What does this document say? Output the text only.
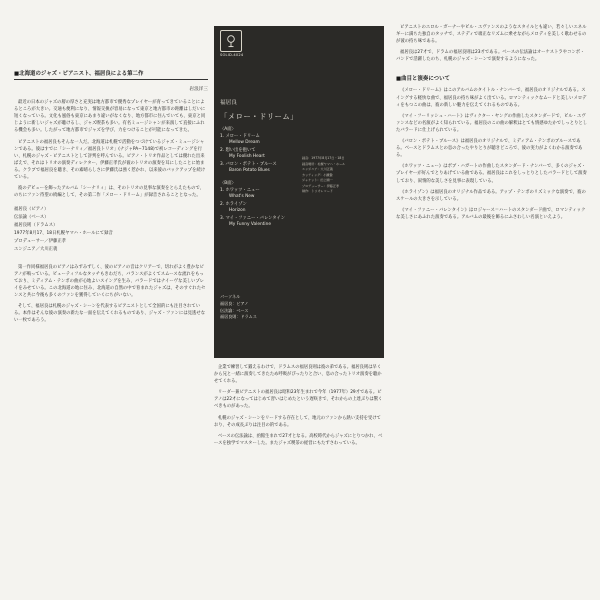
■北海道のジャズ・ピアニスト、福居良による第二作
岩浪洋三

最近の日本のジャズの層の厚さと充実は地方都市で優秀なプレイヤーが育ってきていることによるところが大きい。交通も便利になり、情報交換が容易になって東京と地方都市の距離はしだいに短くなっている。文化も風俗も東京にあまり違いがなくなり、地方都市に住んでいても、東京と同じように新しいジャズが聴けるし、ジャズ喫茶も多い。有名ミュージシャンが来演して直接にふれる機会も多い。したがって地方都市でジャズを学び、力をつけることが可能になってきた。

ピアニストの福居良もそんな一人だ。北海道は札幌で活動をつづけているジャズ・ミュージシャンである。彼はすでに「シーナリィ／福居良トリオ」(ナジャPA−7148)で初レコーディングを行い、札幌のジャズ・ピアニストとして評判を呼んでいる。ピアノ・トリオ作品としては優れた出来ばえで、それはトリオの演奏ディレクター、伊藤正孝氏が彼のトリオの演奏を耳にしたことに始まる。クラブで福居良を聴き、その素晴らしさに伊藤氏は強く惹かれ、以来彼のバックアップを続けている。

彼のデビューを飾ったアルバム「シーナリィ」は、そのトリオの見事な演奏をとらえたもので、のちにファン待望の続編として、その第二作「メロー・ドリーム」が録音されることとなった。

福居良（ピアノ）
伝法諭（ベース）
福居良則（ドラムス）
1977年8月17、18日札幌ヤマハ・ホールにて録音
プロデューサー／伊藤正孝
エンジニア／大川正義

第一作同様福居良のピアノはみずみずしく、彼のピアノの音はクリアーで、切れがよく豊かなピアノが鳴っている。ビューティフルなタッチもきわだち、バランスがよくてスムースな流れをもっており、ミディアム・テンポの曲が心地よいスイングを生み、バラードではナイーヴな美しいプレイをみせている。この北海道の地に住み、北海道の自然の中で育まれたジャズは、そのすぐれたセンスと共に今後も多くのファンを獲得していくにちがいない。

そして、福居良は札幌のジャズ・シーンを代表するピアニストとして全国的にも注目されている。本作はそんな彼の演奏の新たな一面を伝えてくれるものであり、ジャズ・ファンには見逃せない一枚であろう。

SOLID-4024
福居良
「メロー・ドリーム」
〈A面〉
1. メロー・ドリーム
Mellow Dream
2. 想い出を抱いて
My Foolish Heart
3. バロン・ポテト・ブルース
Baron Potato Blues
〈B面〉
1. ホワッツ・ニュー
What's New
2. ホライゾン
Horizon
3. マイ・ファニー・バレンタイン
My Funny Valentine
録音：1977年8月17日・18日
録音場所：札幌ヤマハ・ホール
エンジニア：大川正義
カッティング：小鐵徹
ジャケット：田上順一
プロデューサー：伊藤正孝
制作：トリオレコード
パーソネル
福居良：ピアノ
伝法諭：ベース
福居良則：ドラムス

企業で練習して鍛えるわけで、ドラムスの福居良則は彼の弟である。福居良則は早くから兄と一緒に演奏してきたため呼吸がぴったりと合い、息の合ったトリオ演奏を聴かせてくれる。

リーダー兼ピアニストの福居良は昭和23年生まれで今年（1977年）29才である。ピアノは22才になってはじめて習いはじめたという遅咲きで、それからの上達ぶりは驚くべきものがあった。

札幌のジャズ・シーンをリードする存在として、地元のファンから熱い支持を受けており、その成長ぶりは注目の的である。

ベースの伝法諭は、函館生まれで27才となる。高校時代からジャズにとりつかれ、ベースを独学でマスターした。またジャズ喫茶の経営にもたずさわっている。

ピアニストのエロル・ガーナーやビル・エヴァンスのようなスタイルとも違い、若々しいエネルギーに満ちた独自のタッチで、ステディで端正なリズムに乗せながらメロディを美しく歌わせるのが彼の持ち味である。

福居良は27才で、ドラムの福居良則は23才である。ベースの伝法諭はオーケストラやコンボ・バンドで活躍したのち、札幌のジャズ・シーンで演奏するようになった。

■曲目と演奏について

《メロー・ドリーム》はこのアルバムのタイトル・ナンバーで、福居良のオリジナルである。スイングする軽快な曲で、福居良の持ち味がよく出ている。ロマンティックなムードと美しいメロディをもつこの曲は、彼の新しい魅力を伝えてくれるものである。

《マイ・フーリッシュ・ハート》はヴィクター・ヤングの作曲したスタンダードで、ビル・エヴァンスなどの名演がよく知られている。福居良のこの曲の解釈はとても情感ゆたかでしっとりとしたバラードに仕上げられている。

《バロン・ポテト・ブルース》は福居良のオリジナルで、ミディアム・テンポのブルースである。ベースとドラムスとの息の合ったやりとりが聴きどころで、彼の実力がよくわかる演奏である。

《ホワッツ・ニュー》はボブ・ハガートの作曲したスタンダード・ナンバーで、多くのジャズ・プレイヤーが好んでとりあげている曲である。福居良はこれをしっとりとしたバラードとして演奏しており、叙情的な美しさを見事に表現している。

《ホライゾン》は福居良のオリジナル作品である。アップ・テンポのリズミックな演奏で、彼のスケールの大きさを示している。

《マイ・ファニー・バレンタイン》はロジャース＝ハートのスタンダード曲で、ロマンティックな美しさにあふれた演奏である。アルバムの最後を飾るにふさわしい名演といえよう。
